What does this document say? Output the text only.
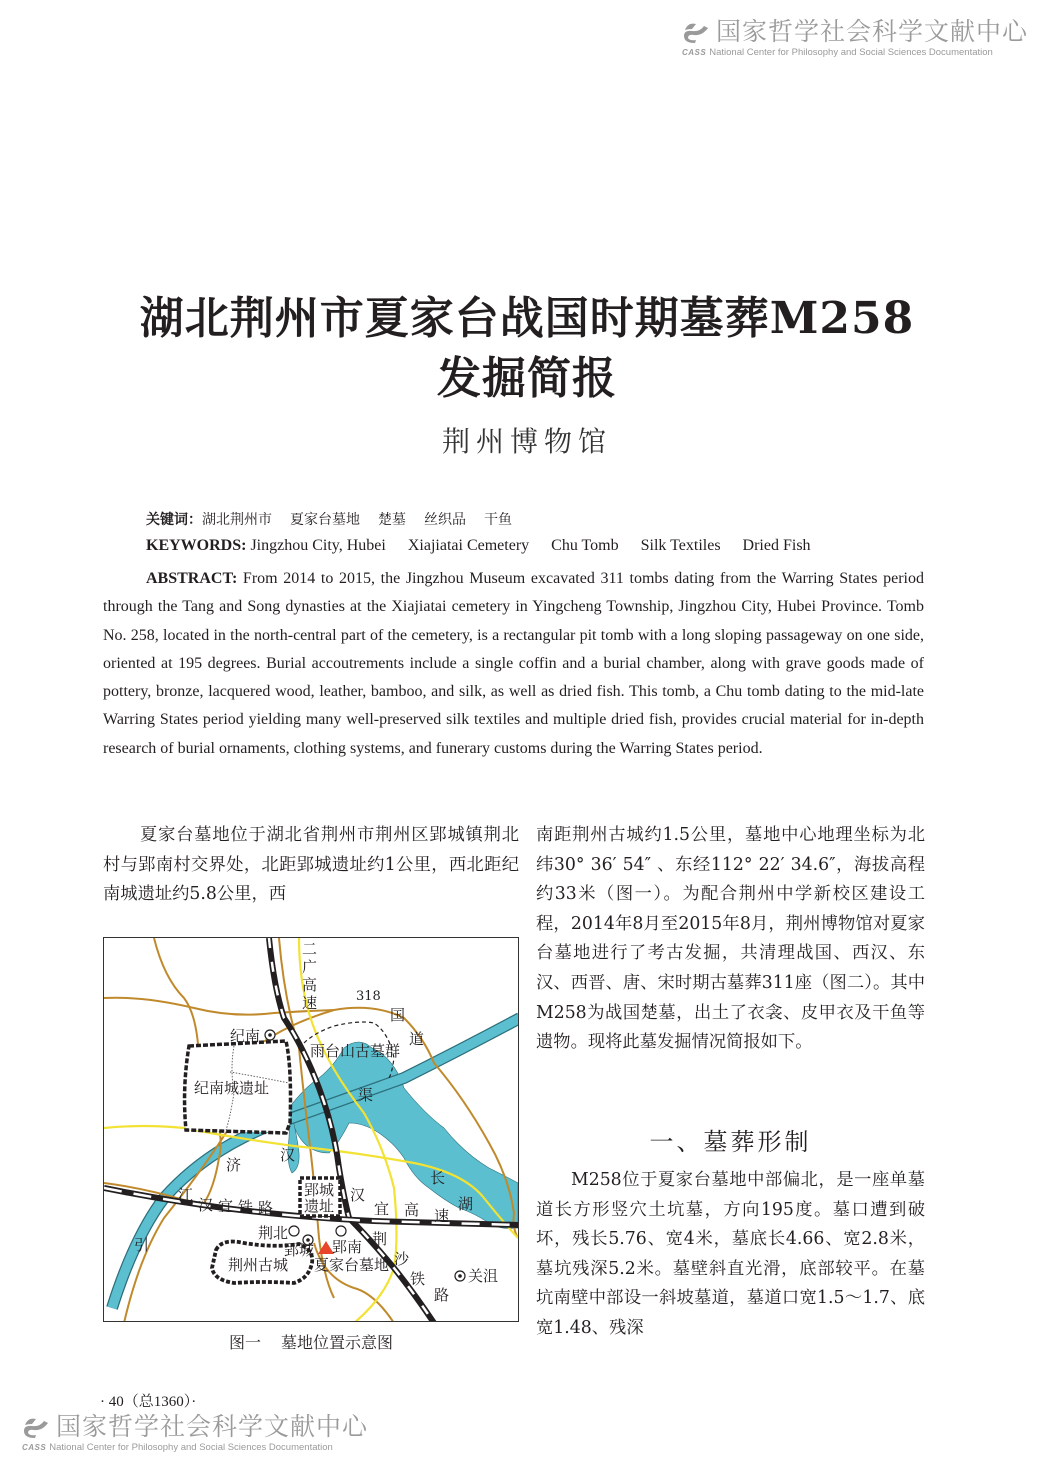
国家哲学社会科学文献中心
CASS National Center for Philosophy and Social Sciences Documentation
湖北荆州市夏家台战国时期墓葬M258
发掘简报
荆州博物馆
关键词：湖北荆州市 夏家台墓地 楚墓 丝织品 干鱼
KEYWORDS: Jingzhou City, Hubei Xiajiatai Cemetery Chu Tomb Silk Textiles Dried Fish
ABSTRACT: From 2014 to 2015, the Jingzhou Museum excavated 311 tombs dating from the Warring States period through the Tang and Song dynasties at the Xiajiatai cemetery in Yingcheng Township, Jingzhou City, Hubei Province. Tomb No. 258, located in the north-central part of the cemetery, is a rectangular pit tomb with a long sloping passageway on one side, oriented at 195 degrees. Burial accoutrements include a single coffin and a burial chamber, along with grave goods made of pottery, bronze, lacquered wood, leather, bamboo, and silk, as well as dried fish. This tomb, a Chu tomb dating to the mid-late Warring States period yielding many well-preserved silk textiles and multiple dried fish, provides crucial material for in-depth research of burial ornaments, clothing systems, and funerary customs during the Warring States period.
夏家台墓地位于湖北省荆州市荆州区郢城镇荆北村与郢南村交界处，北距郢城遗址约1公里，西北距纪南城遗址约5.8公里，西
南距荆州古城约1.5公里，墓地中心地理坐标为北纬30° 36′ 54″ 、东经112° 22′ 34.6″，海拔高程约33米（图一）。为配合荆州中学新校区建设工程，2014年8月至2015年8月，荆州博物馆对夏家台墓地进行了考古发掘，共清理战国、西汉、东汉、西晋、唐、宋时期古墓葬311座（图二）。其中M258为战国楚墓，出土了衣衾、皮甲衣及干鱼等遗物。现将此墓发掘情况简报如下。
一、墓葬形制
M258位于夏家台墓地中部偏北，是一座单墓道长方形竖穴土坑墓，方向195度。墓口遭到破坏，残长5.76、宽4米，墓底长4.66、宽2.8米，墓坑残深5.2米。墓壁斜直光滑，底部较平。在墓坑南壁中部设一斜坡墓道，墓道口宽1.5～1.7、底宽1.48、残深
二
广
高
速	318
国
道
纪南
纪南城遗址
雨台山古墓群
济
汉
渠
江
汉 宜 铁 路
郢城
遗址
汉
宜 高 速
长
湖
引
荆北
郢城 郢南 荆
沙
铁
路
荆州古城 夏家台墓地
关沮
图一 墓地位置示意图
· 40（总1360）·
国家哲学社会科学文献中心
CASS National Center for Philosophy and Social Sciences Documentation
